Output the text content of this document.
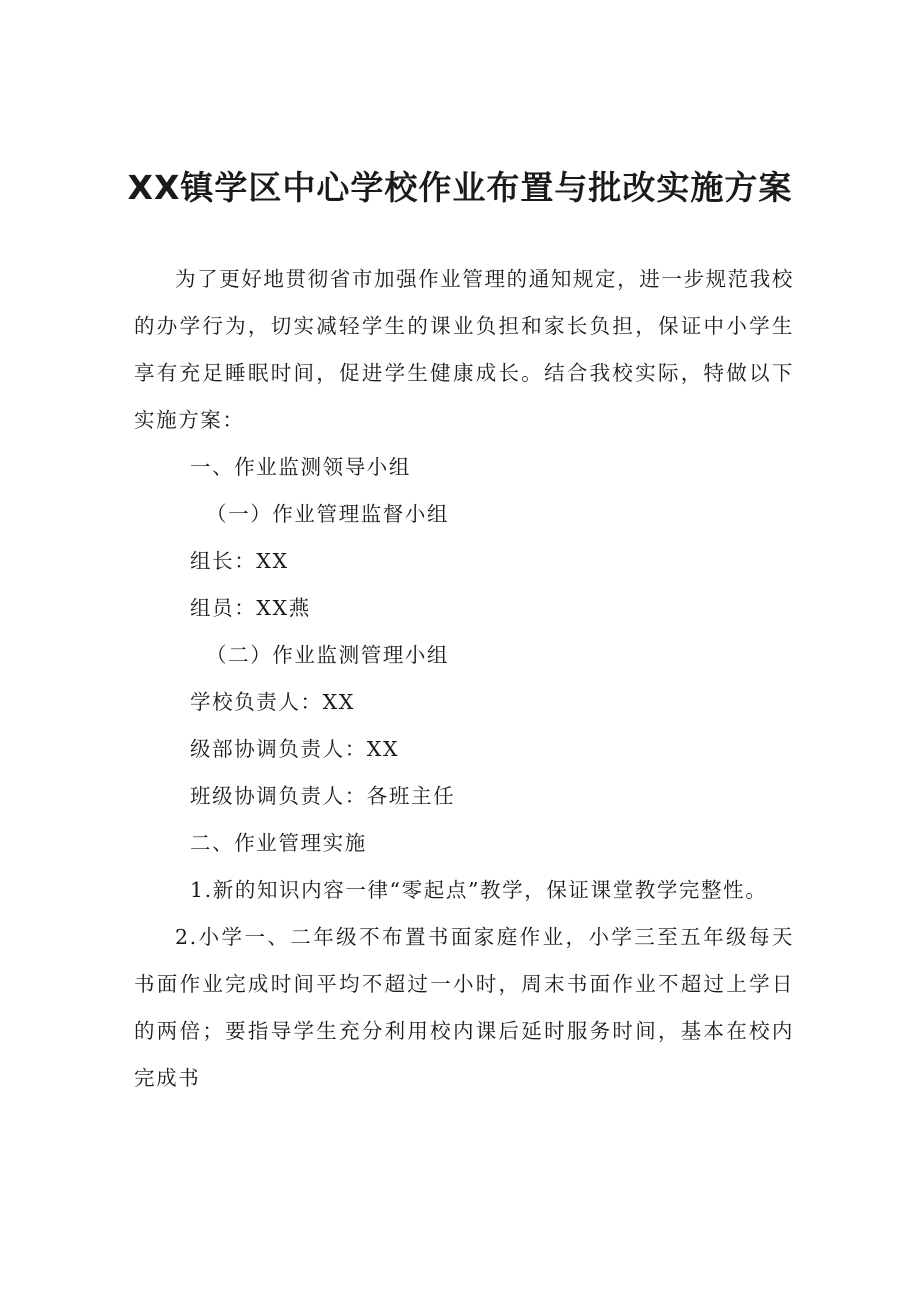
XX镇学区中心学校作业布置与批改实施方案

为了更好地贯彻省市加强作业管理的通知规定，进一步规范我校的办学行为，切实减轻学生的课业负担和家长负担，保证中小学生享有充足睡眠时间，促进学生健康成长。结合我校实际，特做以下实施方案：

一、作业监测领导小组

（一）作业管理监督小组

组长：XX

组员：XX燕

（二）作业监测管理小组

学校负责人：XX

级部协调负责人：XX

班级协调负责人：各班主任

二、作业管理实施

1.新的知识内容一律“零起点”教学，保证课堂教学完整性。

2.小学一、二年级不布置书面家庭作业，小学三至五年级每天书面作业完成时间平均不超过一小时，周末书面作业不超过上学日的两倍；要指导学生充分利用校内课后延时服务时间，基本在校内完成书
